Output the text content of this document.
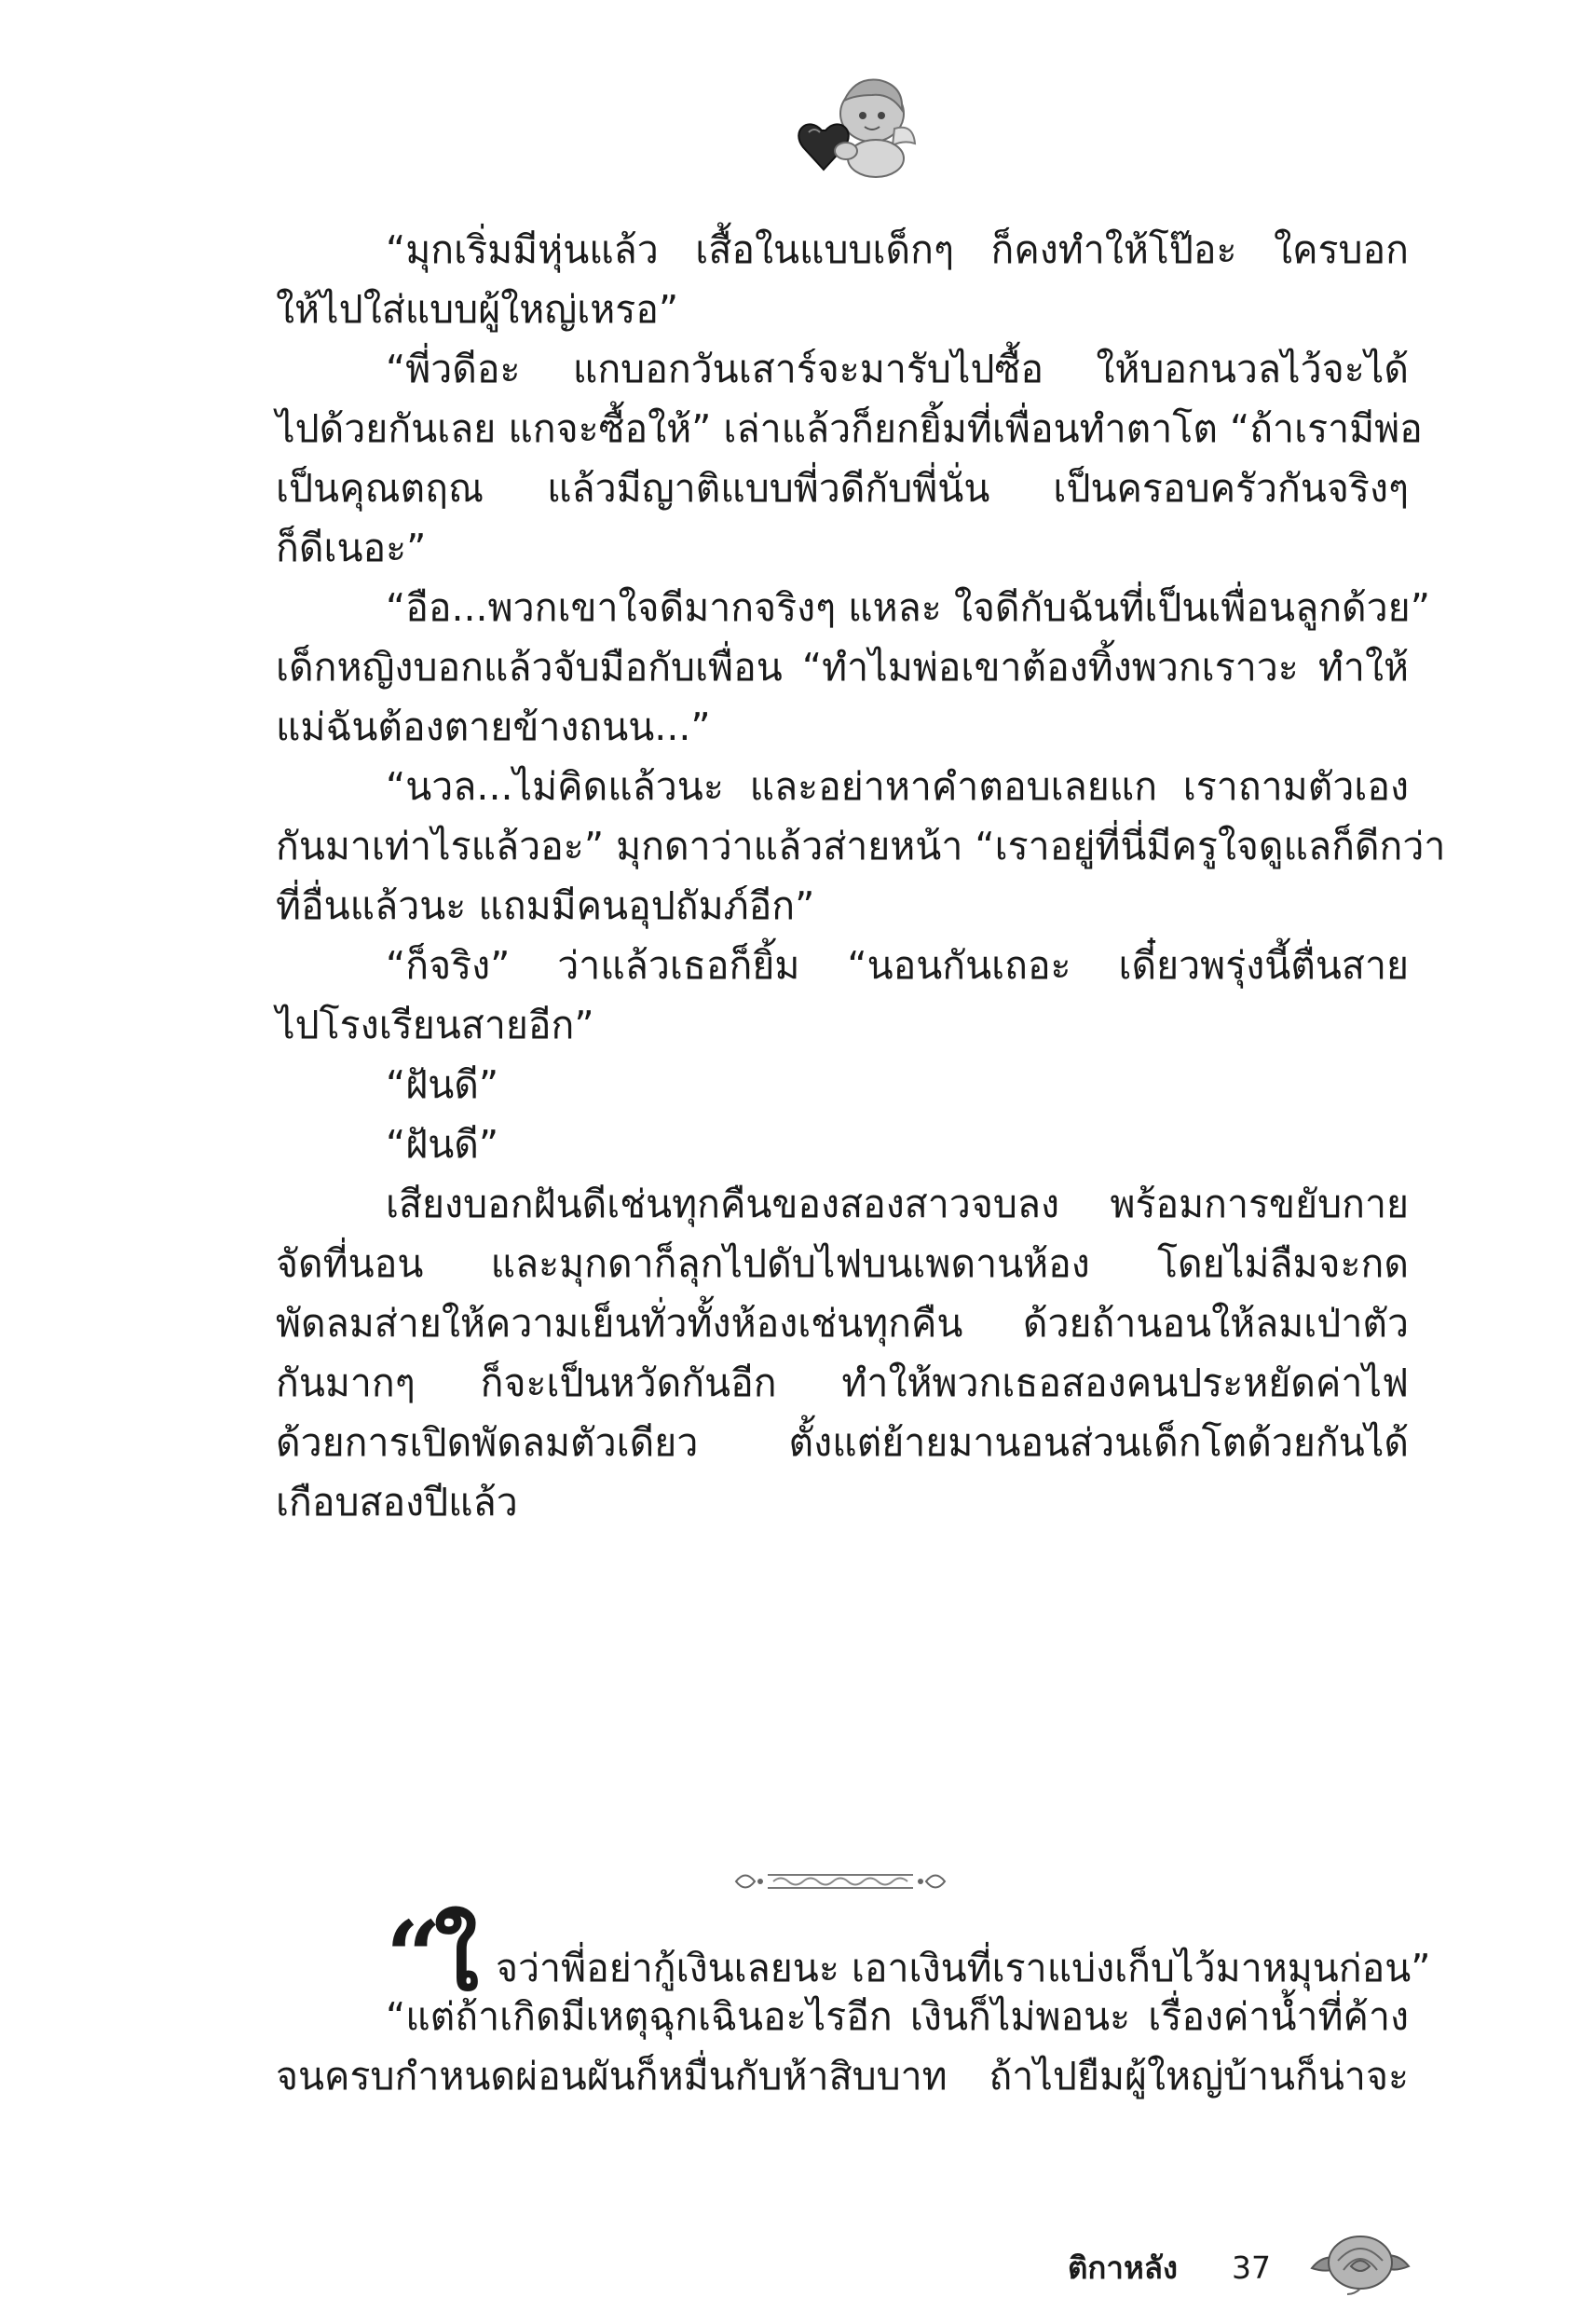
“มุกเริ่มมีหุ่นแล้ว เสื้อในแบบเด็กๆ ก็คงทำให้โป๊อะ ใครบอก
ให้ไปใส่แบบผู้ใหญ่เหรอ”
“พี่วดีอะ แกบอกวันเสาร์จะมารับไปซื้อ ให้บอกนวลไว้จะได้
ไปด้วยกันเลย แกจะซื้อให้” เล่าแล้วก็ยกยิ้มที่เพื่อนทำตาโต “ถ้าเรามีพ่อ
เป็นคุณตฤณ แล้วมีญาติแบบพี่วดีกับพี่นั่น เป็นครอบครัวกันจริงๆ
ก็ดีเนอะ”
“อือ...พวกเขาใจดีมากจริงๆ แหละ ใจดีกับฉันที่เป็นเพื่อนลูกด้วย”
เด็กหญิงบอกแล้วจับมือกับเพื่อน “ทำไมพ่อเขาต้องทิ้งพวกเราวะ ทำให้
แม่ฉันต้องตายข้างถนน...”
“นวล...ไม่คิดแล้วนะ และอย่าหาคำตอบเลยแก เราถามตัวเอง
กันมาเท่าไรแล้วอะ” มุกดาว่าแล้วส่ายหน้า “เราอยู่ที่นี่มีครูใจดูแลก็ดีกว่า
ที่อื่นแล้วนะ แถมมีคนอุปถัมภ์อีก”
“ก็จริง” ว่าแล้วเธอก็ยิ้ม “นอนกันเถอะ เดี๋ยวพรุ่งนี้ตื่นสาย
ไปโรงเรียนสายอีก”
“ฝันดี”
“ฝันดี”
เสียงบอกฝันดีเช่นทุกคืนของสองสาวจบลง พร้อมการขยับกาย
จัดที่นอน และมุกดาก็ลุกไปดับไฟบนเพดานห้อง โดยไม่ลืมจะกด
พัดลมส่ายให้ความเย็นทั่วทั้งห้องเช่นทุกคืน ด้วยถ้านอนให้ลมเป่าตัว
กันมากๆ ก็จะเป็นหวัดกันอีก ทำให้พวกเธอสองคนประหยัดค่าไฟ
ด้วยการเปิดพัดลมตัวเดียว ตั้งแต่ย้ายมานอนส่วนเด็กโตด้วยกันได้
เกือบสองปีแล้ว
“
ใ จว่าพี่อย่ากู้เงินเลยนะ เอาเงินที่เราแบ่งเก็บไว้มาหมุนก่อน”
“แต่ถ้าเกิดมีเหตุฉุกเฉินอะไรอีก เงินก็ไม่พอนะ เรื่องค่าน้ำที่ค้าง
จนครบกำหนดผ่อนผันก็หมื่นกับห้าสิบบาท ถ้าไปยืมผู้ใหญ่บ้านก็น่าจะ
ติกาหลัง 37
